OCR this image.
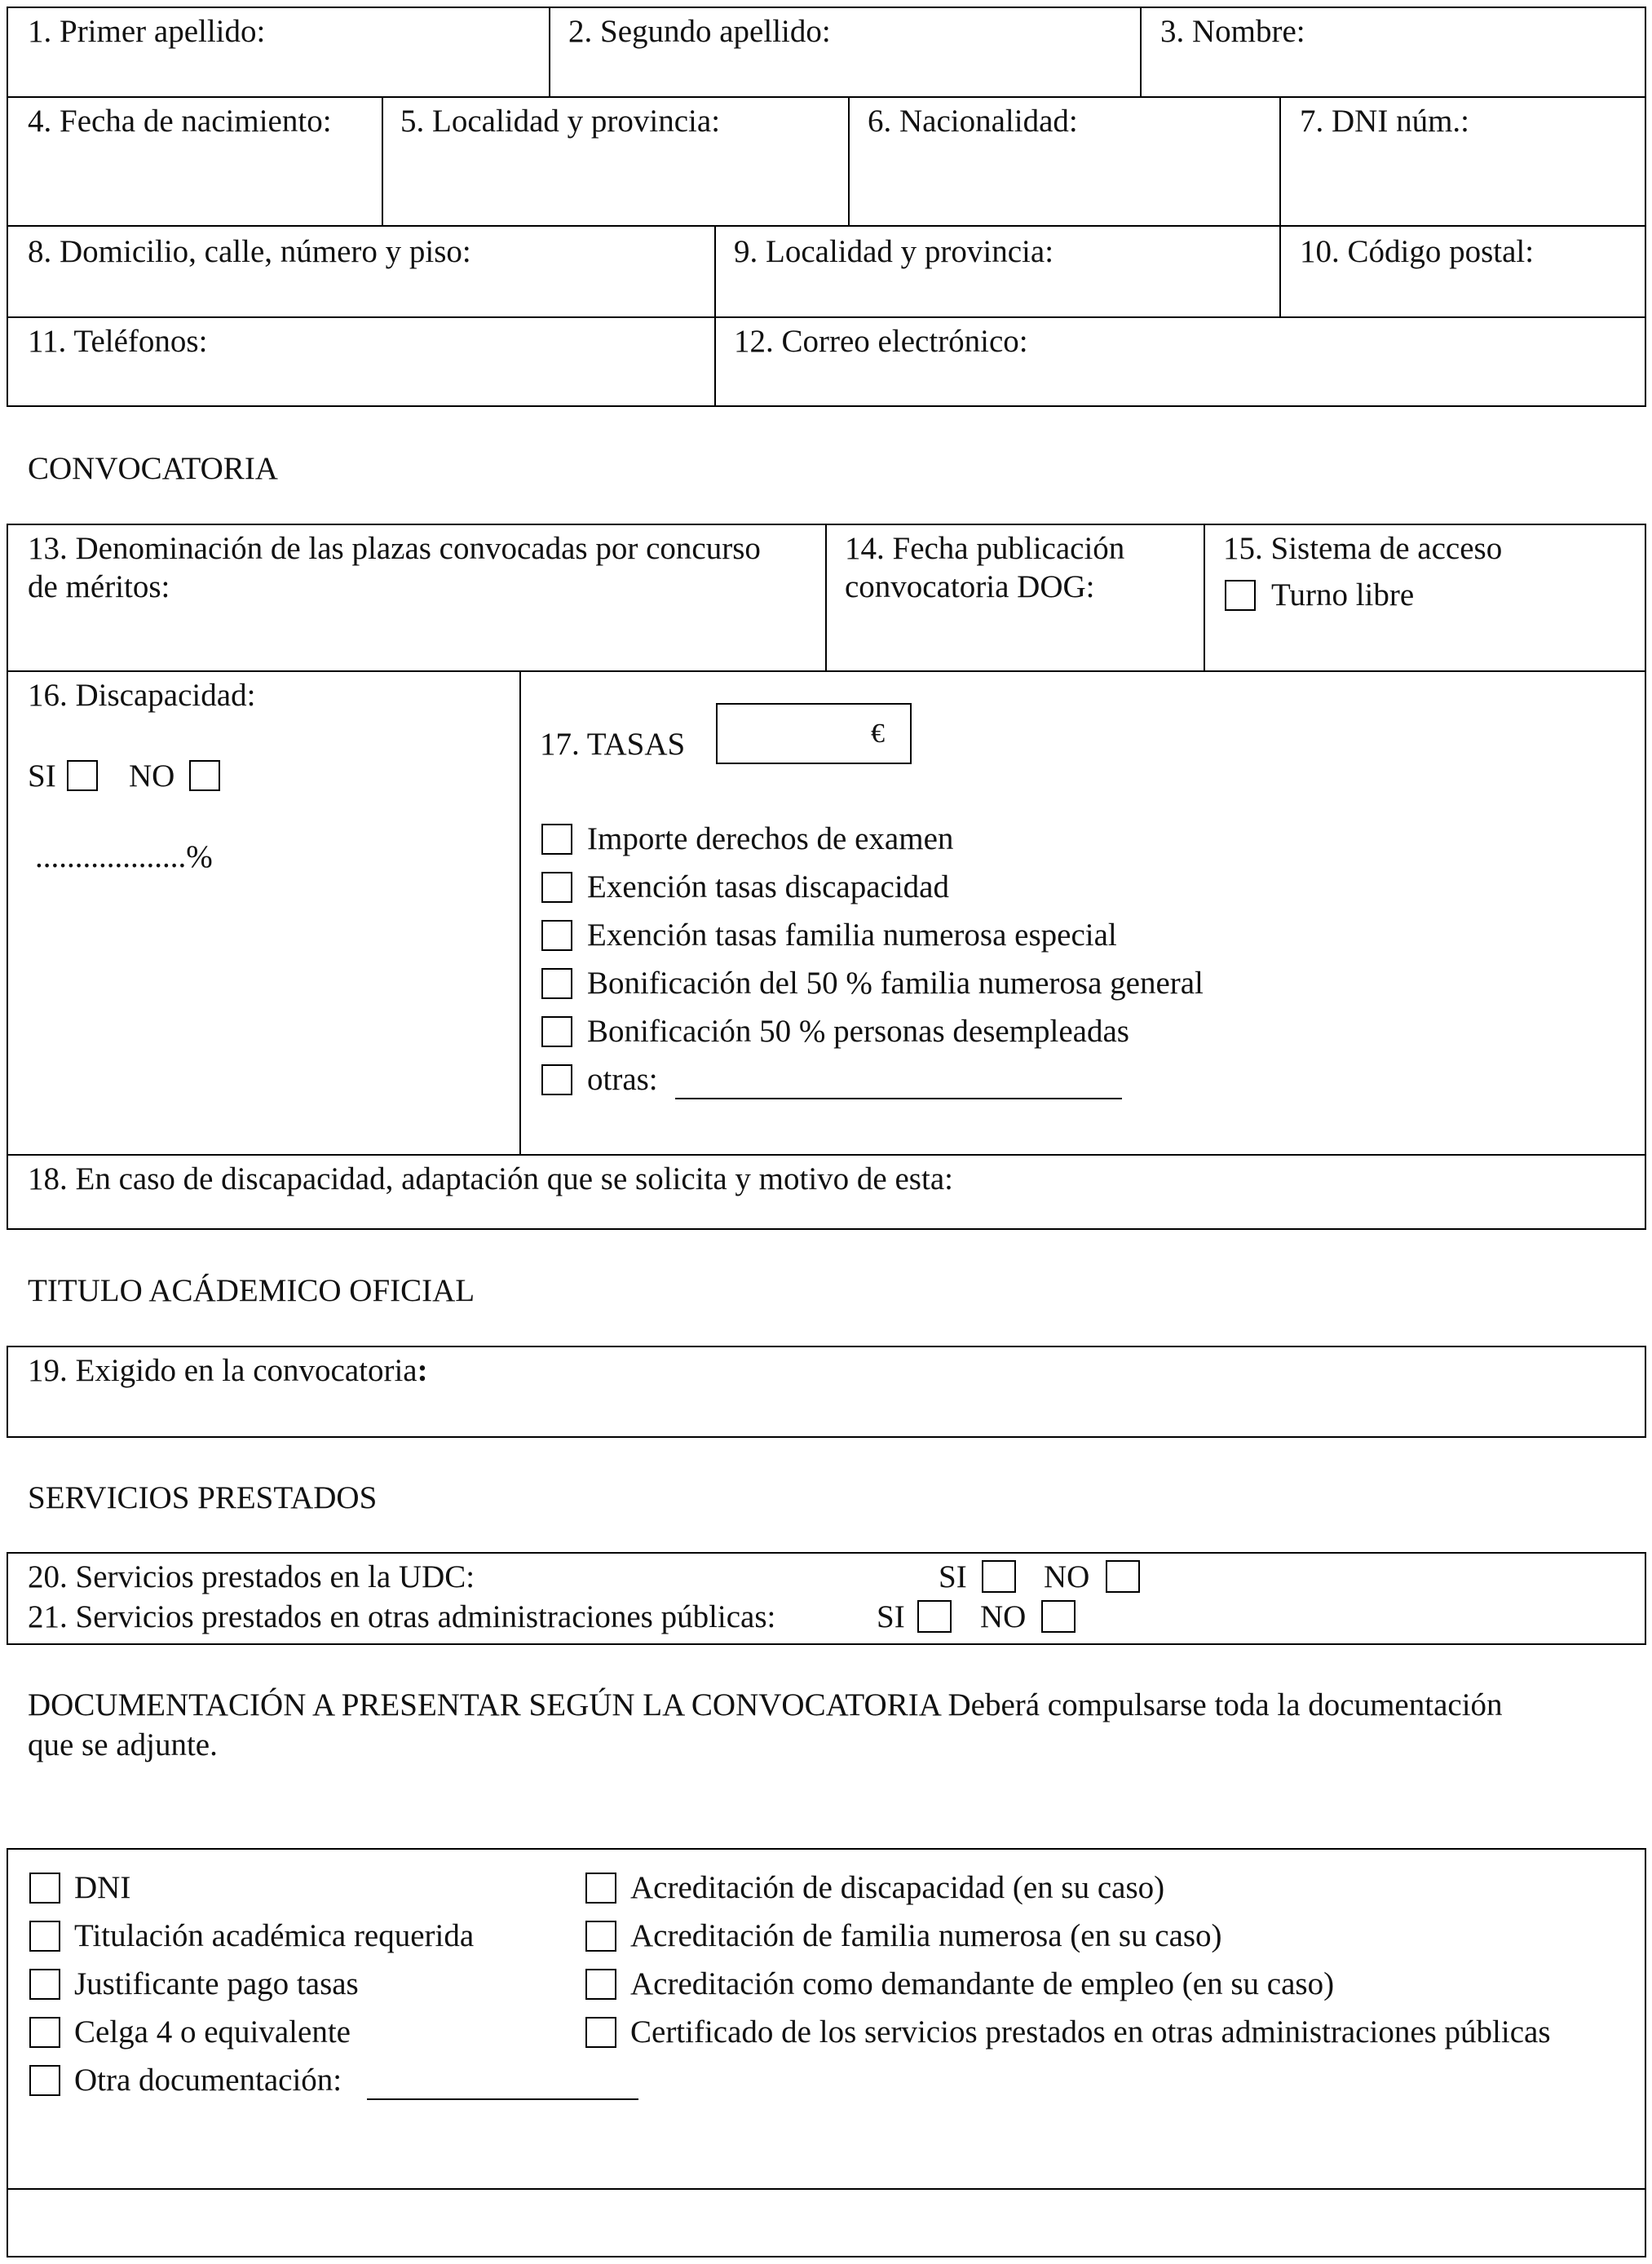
1. Primer apellido:	2. Segundo apellido:	3. Nombre:
4. Fecha de nacimiento: 5. Localidad y provincia:	6. Nacionalidad:	7. DNI núm.:
8. Domicilio, calle, número y piso:	9. Localidad y provincia:	10. Código postal:
11. Teléfonos:	12. Correo electrónico:
CONVOCATORIA
13. Denominación de las plazas convocadas por concurso
de méritos:
14. Fecha publicación
convocatoria DOG:
15. Sistema de acceso
Turno libre
16. Discapacidad:
SI NO
...................%
17. TASAS	€
Importe derechos de examen
Exención tasas discapacidad
Exención tasas familia numerosa especial
Bonificación del 50 % familia numerosa general
Bonificación 50 % personas desempleadas
otras:
18. En caso de discapacidad, adaptación que se solicita y motivo de esta:
TITULO ACÁDEMICO OFICIAL
19. Exigido en la convocatoria:
SERVICIOS PRESTADOS
20. Servicios prestados en la UDC:	SI NO
21. Servicios prestados en otras administraciones públicas:	SI NO
DOCUMENTACIÓN A PRESENTAR SEGÚN LA CONVOCATORIA Deberá compulsarse toda la documentación
que se adjunte.
DNI
Titulación académica requerida
Justificante pago tasas
Celga 4 o equivalente
Otra documentación:
Acreditación de discapacidad (en su caso)
Acreditación de familia numerosa (en su caso)
Acreditación como demandante de empleo (en su caso)
Certificado de los servicios prestados en otras administraciones públicas
